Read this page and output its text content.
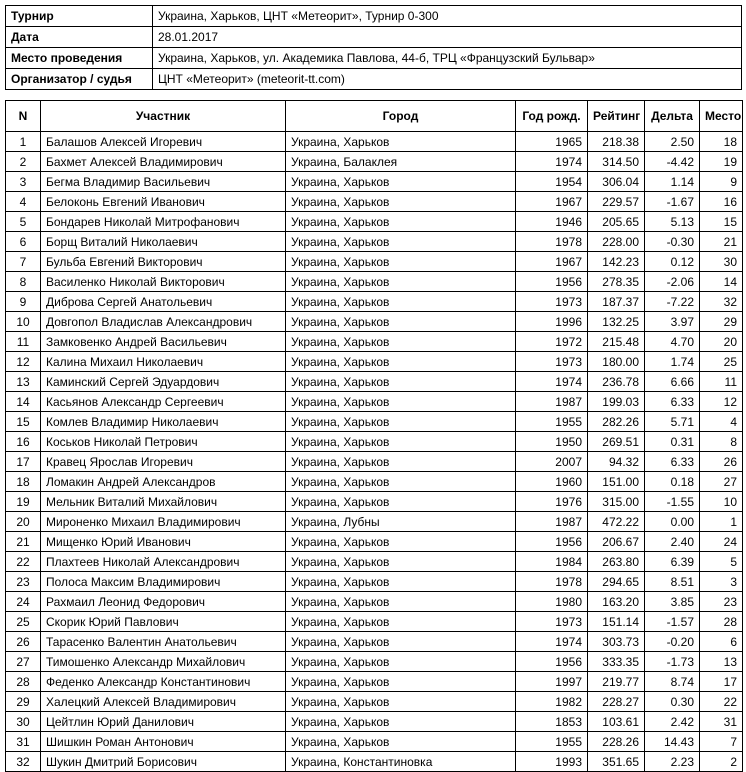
Турнир	Украина, Харьков, ЦНТ «Метеорит», Турнир 0-300
Дата	28.01.2017
Место проведения	Украина, Харьков, ул. Академика Павлова, 44-б, ТРЦ «Французский Бульвар»
Организатор / судья	ЦНТ «Метеорит» (meteorit-tt.com)
N	Участник	Город	Год рожд.	Рейтинг	Дельта	Место
1	Балашов Алексей Игоревич	Украина, Харьков	1965	218.38	2.50	18
2	Бахмет Алексей Владимирович	Украина, Балаклея	1974	314.50	-4.42	19
3	Бегма Владимир Васильевич	Украина, Харьков	1954	306.04	1.14	9
4	Белоконь Евгений Иванович	Украина, Харьков	1967	229.57	-1.67	16
5	Бондарев Николай Митрофанович	Украина, Харьков	1946	205.65	5.13	15
6	Борщ Виталий Николаевич	Украина, Харьков	1978	228.00	-0.30	21
7	Бульба Евгений Викторович	Украина, Харьков	1967	142.23	0.12	30
8	Василенко Николай Викторович	Украина, Харьков	1956	278.35	-2.06	14
9	Диброва Сергей Анатольевич	Украина, Харьков	1973	187.37	-7.22	32
10	Довгопол Владислав Александрович	Украина, Харьков	1996	132.25	3.97	29
11	Замковенко Андрей Васильевич	Украина, Харьков	1972	215.48	4.70	20
12	Калина Михаил Николаевич	Украина, Харьков	1973	180.00	1.74	25
13	Каминский Сергей Эдуардович	Украина, Харьков	1974	236.78	6.66	11
14	Касьянов Александр Сергеевич	Украина, Харьков	1987	199.03	6.33	12
15	Комлев Владимир Николаевич	Украина, Харьков	1955	282.26	5.71	4
16	Коськов Николай Петрович	Украина, Харьков	1950	269.51	0.31	8
17	Кравец Ярослав Игоревич	Украина, Харьков	2007	94.32	6.33	26
18	Ломакин Андрей Александров	Украина, Харьков	1960	151.00	0.18	27
19	Мельник Виталий Михайлович	Украина, Харьков	1976	315.00	-1.55	10
20	Мироненко Михаил Владимирович	Украина, Лубны	1987	472.22	0.00	1
21	Мищенко Юрий Иванович	Украина, Харьков	1956	206.67	2.40	24
22	Плахтеев Николай Александрович	Украина, Харьков	1984	263.80	6.39	5
23	Полоса Максим Владимирович	Украина, Харьков	1978	294.65	8.51	3
24	Рахмаил Леонид Федорович	Украина, Харьков	1980	163.20	3.85	23
25	Скорик Юрий Павлович	Украина, Харьков	1973	151.14	-1.57	28
26	Тарасенко Валентин Анатольевич	Украина, Харьков	1974	303.73	-0.20	6
27	Тимошенко Александр Михайлович	Украина, Харьков	1956	333.35	-1.73	13
28	Феденко Александр Константинович	Украина, Харьков	1997	219.77	8.74	17
29	Халецкий Алексей Владимирович	Украина, Харьков	1982	228.27	0.30	22
30	Цейтлин Юрий Данилович	Украина, Харьков	1853	103.61	2.42	31
31	Шишкин Роман Антонович	Украина, Харьков	1955	228.26	14.43	7
32	Шукин Дмитрий Борисович	Украина, Константиновка	1993	351.65	2.23	2
